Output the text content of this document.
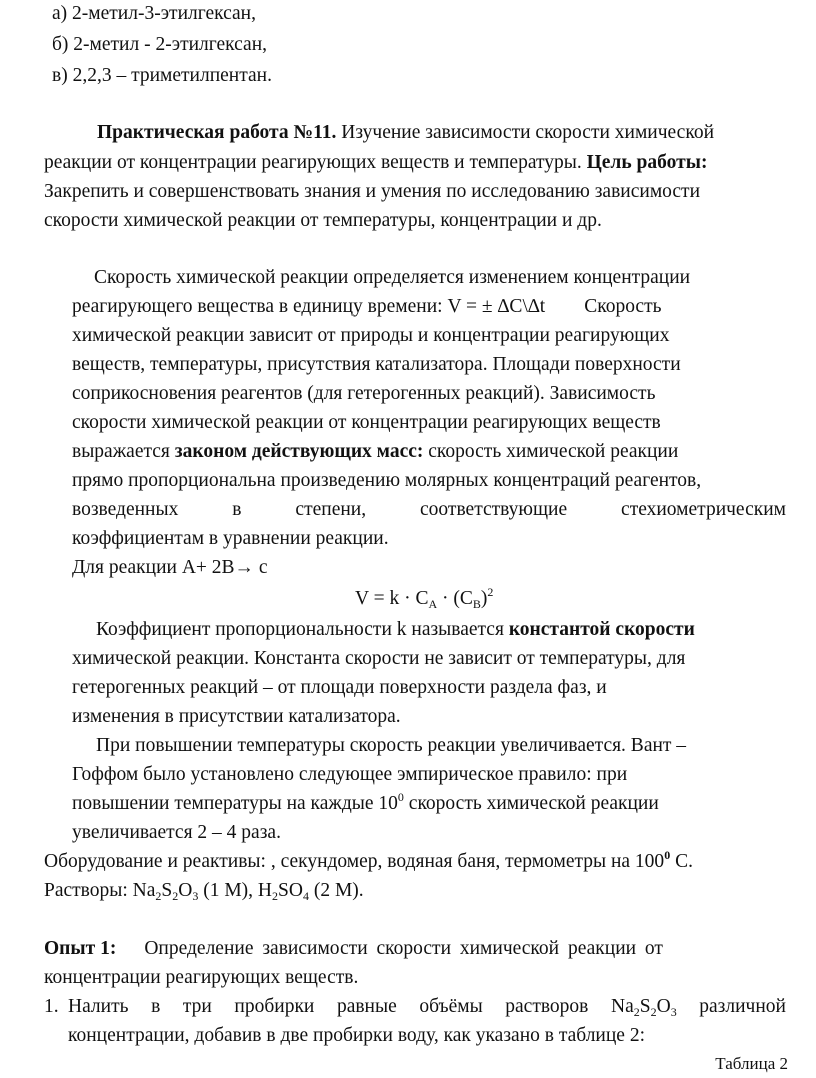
а) 2-метил-3-этилгексан,
б) 2-метил - 2-этилгексан,
в) 2,2,3 – триметилпентан.
Практическая работа №11. Изучение зависимости скорости химической
реакции от концентрации реагирующих веществ и температуры. Цель работы:
Закрепить и совершенствовать знания и умения по исследованию зависимости
скорости химической реакции от температуры, концентрации и др.
Скорость химической реакции определяется изменением концентрации
реагирующего вещества в единицу времени: V = ± ∆C\∆t        Скорость
химической реакции зависит от природы и концентрации реагирующих
веществ, температуры, присутствия катализатора. Площади поверхности
соприкосновения реагентов (для гетерогенных реакций). Зависимость
скорости химической реакции от концентрации реагирующих веществ
выражается законом действующих масс: скорость химической реакции
прямо пропорциональна произведению молярных концентраций реагентов,
возведенных	в	степени,	соответствующие	стехиометрическим
коэффициентам в уравнении реакции.
Для реакции А+ 2В→ с
$V = k \cdot C_A \cdot (C_B)^2$
Коэффициент пропорциональности k называется константой скорости
химической реакции. Константа скорости не зависит от температуры, для
гетерогенных реакций – от площади поверхности раздела фаз, и
изменения в присутствии катализатора.
При повышении температуры скорость реакции увеличивается. Вант –
Гоффом было установлено следующее эмпирическое правило: при
повышении температуры на каждые $10^0$ скорость химической реакции
увеличивается 2 – 4 раза.
Оборудование и реактивы: , секундомер, водяная баня, термометры на $100^0$ С.
Растворы: $Na_2S_2O_3$ (1 М), $H_2SO_4$ (2 М).
Опыт 1: Определение зависимости скорости химической реакции от
концентрации реагирующих веществ.
1. Налить в три пробирки равные объёмы растворов $Na_2S_2O_3$ различной
концентрации, добавив в две пробирки воду, как указано в таблице 2:
Таблица 2
